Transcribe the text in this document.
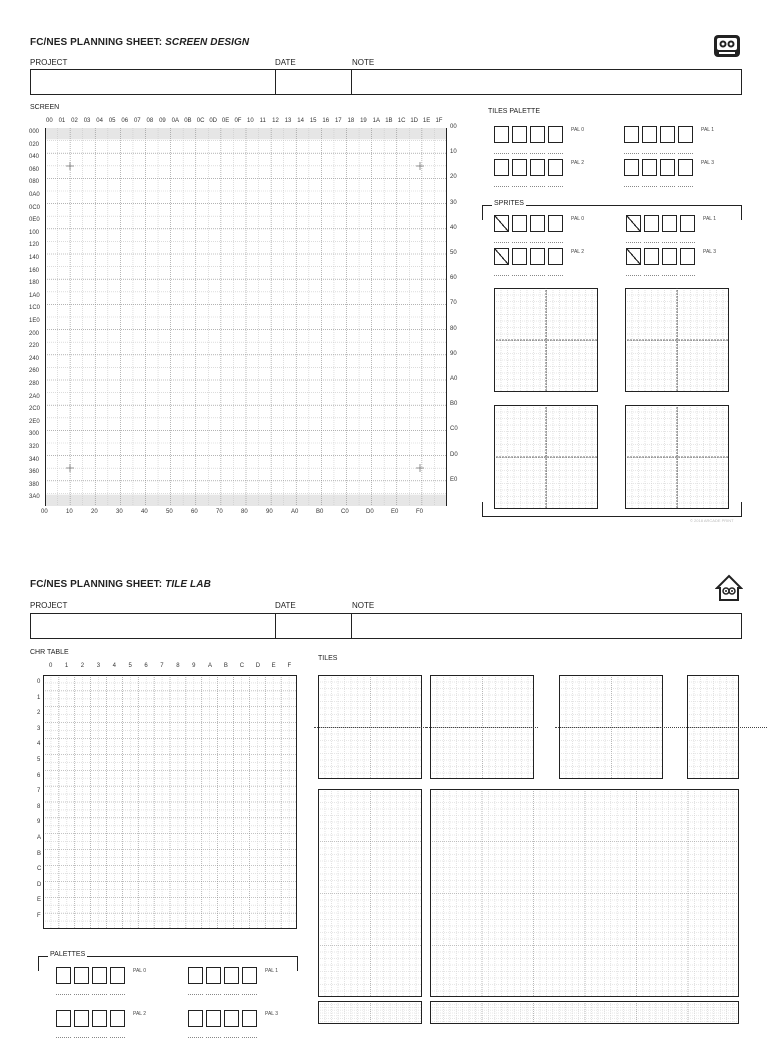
FC/NES PLANNING SHEET: SCREEN DESIGN
PROJECT	DATE	NOTE
SCREEN
00 01 02 03 04 05 06 07 08 09 0A 0B 0C 0D 0E 0F 10 11 12 13 14 15 16 17 18 19 1A 1B 1C 1D 1E 1F
000
020
040
060
080
0A0
0C0
0E0
100
120
140
160
180
1A0
1C0
1E0
200
220
240
260
280
2A0
2C0
2E0
300
320
340
360
380
3A0
00
10
20
30
40
50
60
70
80
90
A0
B0
C0
D0
E0
00	10	20	30	40	50	60	70	80	90	A0	B0	C0	D0	E0	F0
TILES PALETTE
PAL 0	PAL 1
PAL 2	PAL 3
SPRITES
PAL 0	PAL 1
PAL 2	PAL 3
© 2018 ARCADE PRINT
FC/NES PLANNING SHEET: TILE LAB
PROJECT	DATE	NOTE
CHR TABLE
0 1 2 3 4 5 6 7 8 9 A B C D E F
0
1
2
3
4
5
6
7
8
9
A
B
C
D
E
F
TILES
PALETTES
PAL 0	PAL 1
PAL 2	PAL 3
